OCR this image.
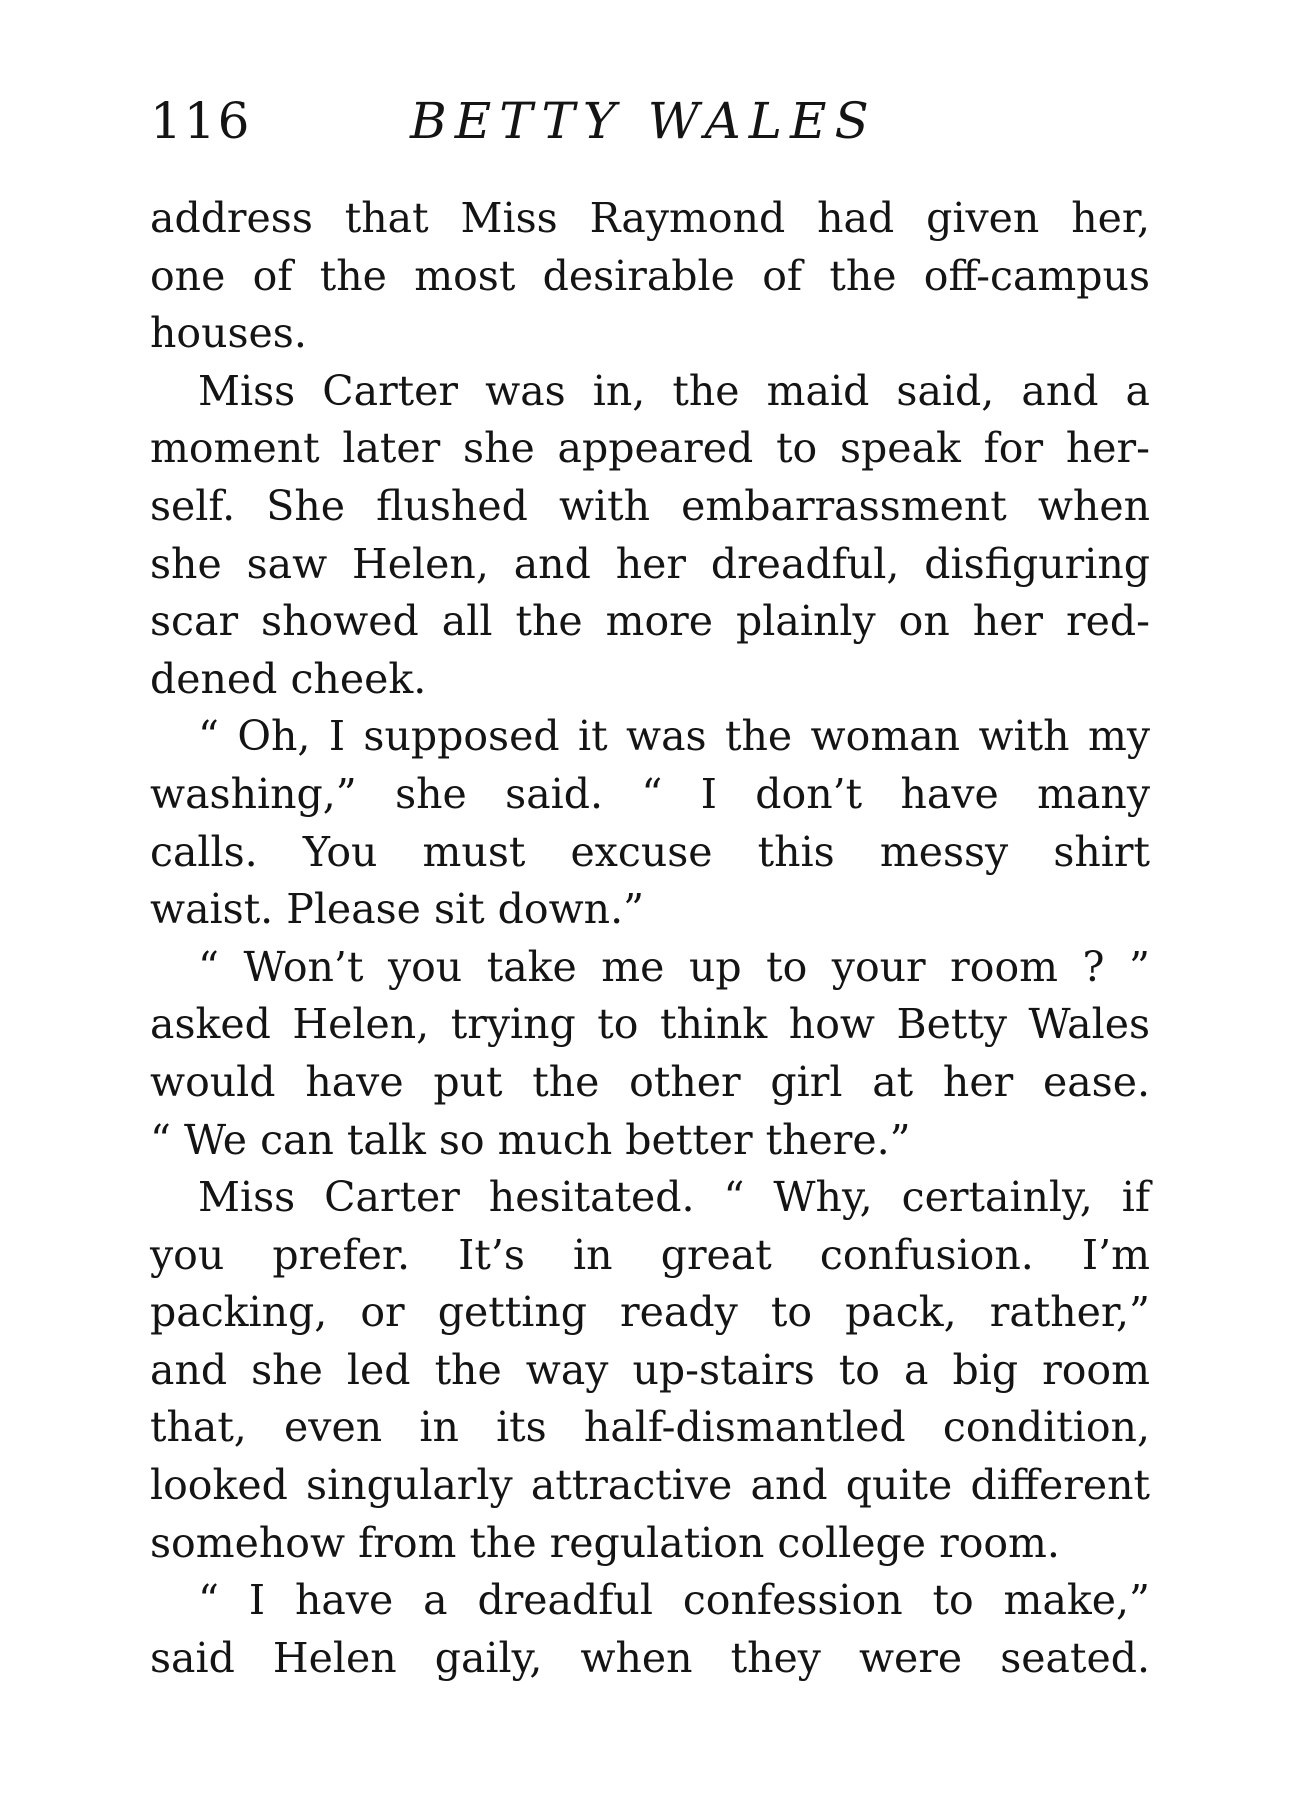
116	BETTY WALES
address that Miss Raymond had given her,
one of the most desirable of the off-campus
houses.
Miss Carter was in, the maid said, and a
moment later she appeared to speak for her-
self. She flushed with embarrassment when
she saw Helen, and her dreadful, disfiguring
scar showed all the more plainly on her red-
dened cheek.
“ Oh, I supposed it was the woman with my
washing,” she said. “ I don’t have many
calls. You must excuse this messy shirt
waist. Please sit down.”
“ Won’t you take me up to your room ? ”
asked Helen, trying to think how Betty Wales
would have put the other girl at her ease.
“ We can talk so much better there.”
Miss Carter hesitated. “ Why, certainly, if
you prefer. It’s in great confusion. I’m
packing, or getting ready to pack, rather,”
and she led the way up-stairs to a big room
that, even in its half-dismantled condition,
looked singularly attractive and quite different
somehow from the regulation college room.
“ I have a dreadful confession to make,”
said Helen gaily, when they were seated.
